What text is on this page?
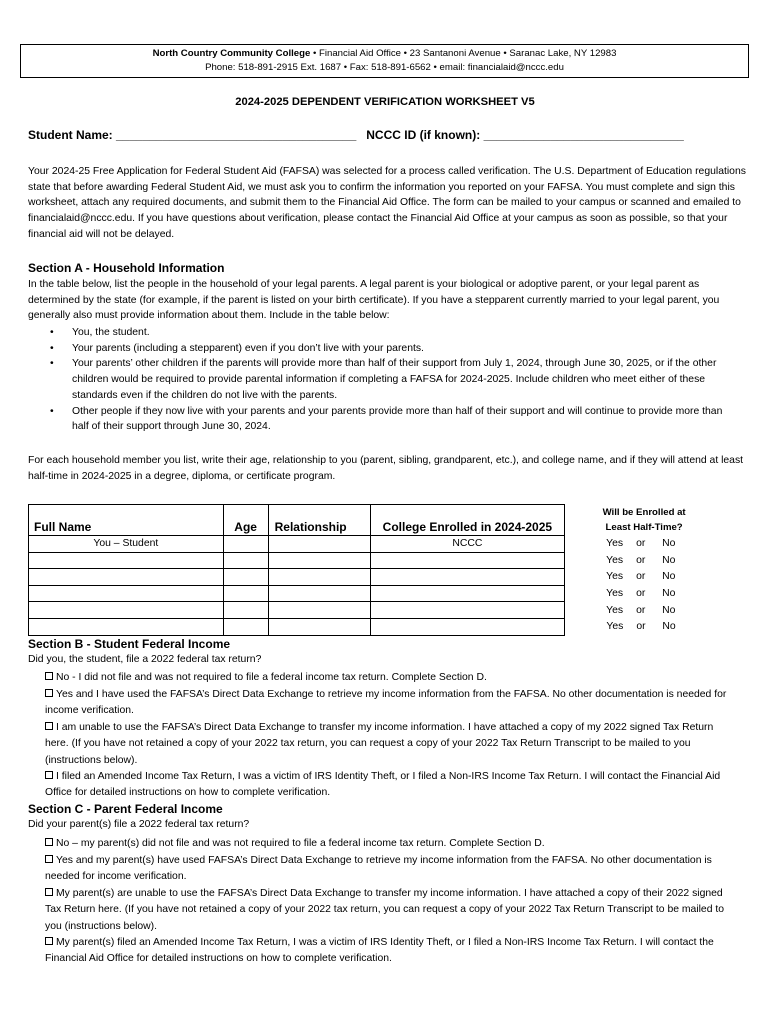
North Country Community College • Financial Aid Office • 23 Santanoni Avenue • Saranac Lake, NY 12983
Phone: 518-891-2915 Ext. 1687 • Fax: 518-891-6562 • email: financialaid@nccc.edu
2024-2025 DEPENDENT VERIFICATION WORKSHEET V5
Student Name: ____________________________________   NCCC ID (if known): ______________________________
Your 2024-25 Free Application for Federal Student Aid (FAFSA) was selected for a process called verification. The U.S. Department of Education regulations state that before awarding Federal Student Aid, we must ask you to confirm the information you reported on your FAFSA. You must complete and sign this worksheet, attach any required documents, and submit them to the Financial Aid Office. The form can be mailed to your campus or scanned and emailed to financialaid@nccc.edu. If you have questions about verification, please contact the Financial Aid Office at your campus as soon as possible, so that your financial aid will not be delayed.
Section A - Household Information
In the table below, list the people in the household of your legal parents. A legal parent is your biological or adoptive parent, or your legal parent as determined by the state (for example, if the parent is listed on your birth certificate). If you have a stepparent currently married to your legal parent, you generally also must provide information about them. Include in the table below:
• You, the student.
• Your parents (including a stepparent) even if you don’t live with your parents.
• Your parents’ other children if the parents will provide more than half of their support from July 1, 2024, through June 30, 2025, or if the other children would be required to provide parental information if completing a FAFSA for 2024-2025. Include children who meet either of these standards even if the children do not live with the parents.
• Other people if they now live with your parents and your parents provide more than half of their support and will continue to provide more than half of their support through June 30, 2024.
For each household member you list, write their age, relationship to you (parent, sibling, grandparent, etc.), and college name, and if they will attend at least half-time in 2024-2025 in a degree, diploma, or certificate program.
Full Name	Age	Relationship	College Enrolled in 2024-2025	Will be Enrolled at
Least Half-Time?

You – Student			NCCC	Yes or No
				Yes or No
				Yes or No
				Yes or No
				Yes or No
				Yes or No
Section B - Student Federal Income
Did you, the student, file a 2022 federal tax return?
No - I did not file and was not required to file a federal income tax return. Complete Section D.
Yes and I have used the FAFSA’s Direct Data Exchange to retrieve my income information from the FAFSA. No other documentation is needed for income verification.
I am unable to use the FAFSA’s Direct Data Exchange to transfer my income information. I have attached a copy of my 2022 signed Tax Return here. (If you have not retained a copy of your 2022 tax return, you can request a copy of your 2022 Tax Return Transcript to be mailed to you (instructions below).
I filed an Amended Income Tax Return, I was a victim of IRS Identity Theft, or I filed a Non-IRS Income Tax Return. I will contact the Financial Aid Office for detailed instructions on how to complete verification.
Section C - Parent Federal Income
Did your parent(s) file a 2022 federal tax return?
No – my parent(s) did not file and was not required to file a federal income tax return. Complete Section D.
Yes and my parent(s) have used FAFSA’s Direct Data Exchange to retrieve my income information from the FAFSA. No other documentation is needed for income verification.
My parent(s) are unable to use the FAFSA’s Direct Data Exchange to transfer my income information. I have attached a copy of their 2022 signed Tax Return here. (If you have not retained a copy of your 2022 tax return, you can request a copy of your 2022 Tax Return Transcript to be mailed to you (instructions below).
My parent(s) filed an Amended Income Tax Return, I was a victim of IRS Identity Theft, or I filed a Non-IRS Income Tax Return. I will contact the Financial Aid Office for detailed instructions on how to complete verification.
